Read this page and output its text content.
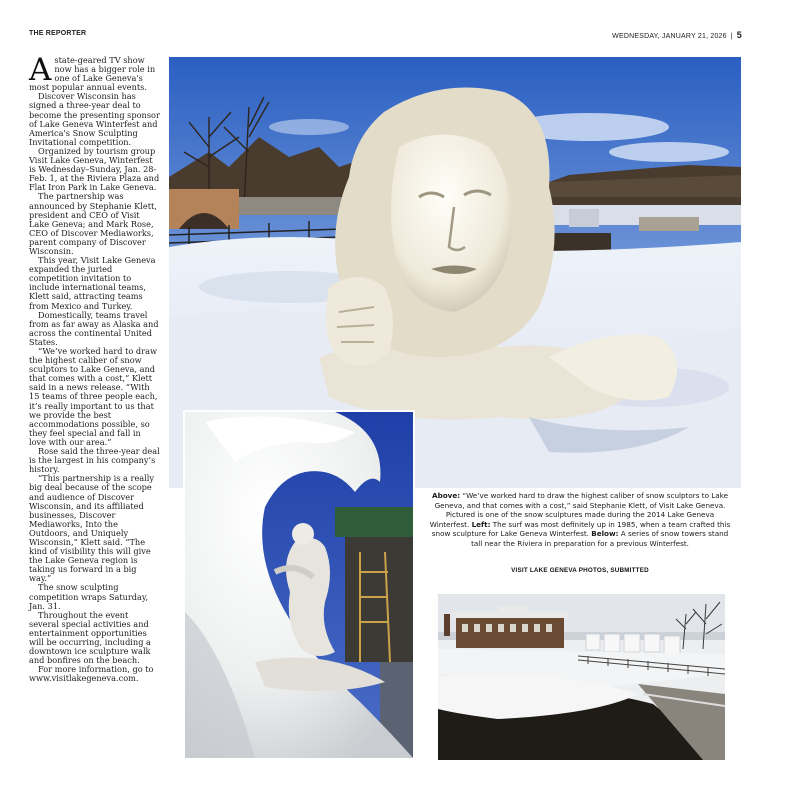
THE REPORTER	WEDNESDAY, JANUARY 21, 2026 | 5

Astate-geared TV show now has a bigger role in one of Lake Geneva's most popular annual events.

Discover Wisconsin has signed a three-year deal to become the presenting sponsor of Lake Geneva Winterfest and America's Snow Sculpting Invitational competition.

Organized by tourism group Visit Lake Geneva, Winterfest is Wednesday–Sunday, Jan. 28-Feb. 1, at the Riviera Plaza and Flat Iron Park in Lake Geneva.

The partnership was announced by Stephanie Klett, president and CEO of Visit Lake Geneva; and Mark Rose, CEO of Discover Mediaworks, parent company of Discover Wisconsin.

This year, Visit Lake Geneva expanded the juried competition invitation to include international teams, Klett said, attracting teams from Mexico and Turkey.

Domestically, teams travel from as far away as Alaska and across the continental United States.

“We’ve worked hard to draw the highest caliber of snow sculptors to Lake Geneva, and that comes with a cost,” Klett said in a news release. “With 15 teams of three people each, it’s really important to us that we provide the best accommodations possible, so they feel special and fall in love with our area.”

Rose said the three-year deal is the largest in his company’s history.

“This partnership is a really big deal because of the scope and audience of Discover Wisconsin, and its affiliated businesses, Discover Mediaworks, Into the Outdoors, and Uniquely Wisconsin,” Klett said. “The kind of visibility this will give the Lake Geneva region is taking us forward in a big way.”

The snow sculpting competition wraps Saturday, Jan. 31.

Throughout the event several special activities and entertainment opportunities will be occurring, including a downtown ice sculpture walk and bonfires on the beach.

For more information, go to www.visitlakegeneva.com.

Above: “We’ve worked hard to draw the highest caliber of snow sculptors to Lake Geneva, and that comes with a cost,” said Stephanie Klett, of Visit Lake Geneva. Pictured is one of the snow sculptures made during the 2014 Lake Geneva Winterfest. Left: The surf was most definitely up in 1985, when a team crafted this snow sculpture for Lake Geneva Winterfest. Below: A series of snow towers stand tall near the Riviera in preparation for a previous Winterfest.
VISIT LAKE GENEVA PHOTOS, SUBMITTED
